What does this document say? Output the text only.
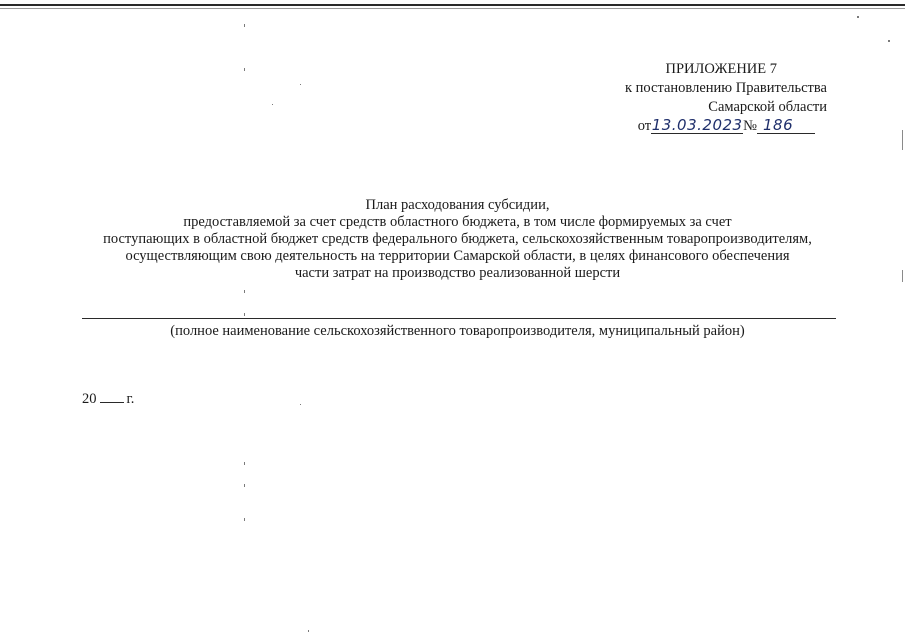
ПРИЛОЖЕНИЕ 7
к постановлению Правительства
Самарской области
от13.03.2023№ 186
План расходования субсидии,
предоставляемой за счет средств областного бюджета, в том числе формируемых за счет
поступающих в областной бюджет средств федерального бюджета, сельскохозяйственным товаропроизводителям,
осуществляющим свою деятельность на территории Самарской области, в целях финансового обеспечения
части затрат на производство реализованной шерсти
(полное наименование сельскохозяйственного товаропроизводителя, муниципальный район)
20 г.
